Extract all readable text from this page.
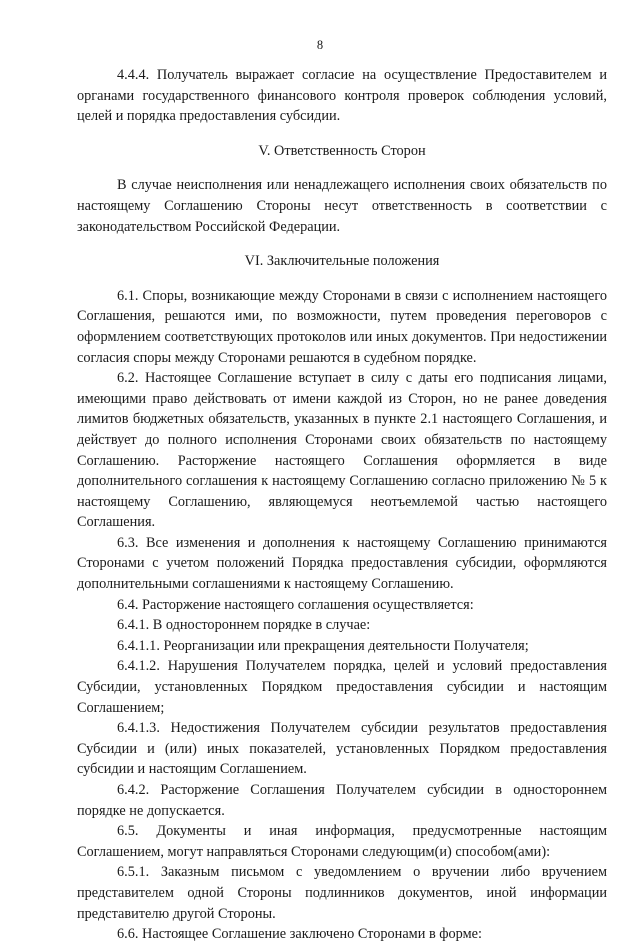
8

4.4.4. Получатель выражает согласие на осуществление Предоставителем и органами государственного финансового контроля проверок соблюдения условий, целей и порядка предоставления субсидии.

V. Ответственность Сторон

В случае неисполнения или ненадлежащего исполнения своих обязательств по настоящему Соглашению Стороны несут ответственность в соответствии с законодательством Российской Федерации.

VI. Заключительные положения

6.1. Споры, возникающие между Сторонами в связи с исполнением настоящего Соглашения, решаются ими, по возможности, путем проведения переговоров с оформлением соответствующих протоколов или иных документов. При недостижении согласия споры между Сторонами решаются в судебном порядке.

6.2. Настоящее Соглашение вступает в силу с даты его подписания лицами, имеющими право действовать от имени каждой из Сторон, но не ранее доведения лимитов бюджетных обязательств, указанных в пункте 2.1 настоящего Соглашения, и действует до полного исполнения Сторонами своих обязательств по настоящему Соглашению. Расторжение настоящего Соглашения оформляется в виде дополнительного соглашения к настоящему Соглашению согласно приложению № 5 к настоящему Соглашению, являющемуся неотъемлемой частью настоящего Соглашения.

6.3. Все изменения и дополнения к настоящему Соглашению принимаются Сторонами с учетом положений Порядка предоставления субсидии, оформляются дополнительными соглашениями к настоящему Соглашению.

6.4. Расторжение настоящего соглашения осуществляется:

6.4.1. В одностороннем порядке в случае:

6.4.1.1. Реорганизации или прекращения деятельности Получателя;

6.4.1.2. Нарушения Получателем порядка, целей и условий предоставления Субсидии, установленных Порядком предоставления субсидии и настоящим Соглашением;

6.4.1.3. Недостижения Получателем субсидии результатов предоставления Субсидии и (или) иных показателей, установленных Порядком предоставления субсидии и настоящим Соглашением.

6.4.2. Расторжение Соглашения Получателем субсидии в одностороннем порядке не допускается.

6.5. Документы и иная информация, предусмотренные настоящим Соглашением, могут направляться Сторонами следующим(и) способом(ами):

6.5.1. Заказным письмом с уведомлением о вручении либо вручением представителем одной Стороны подлинников документов, иной информации представителю другой Стороны.

6.6. Настоящее Соглашение заключено Сторонами в форме:
